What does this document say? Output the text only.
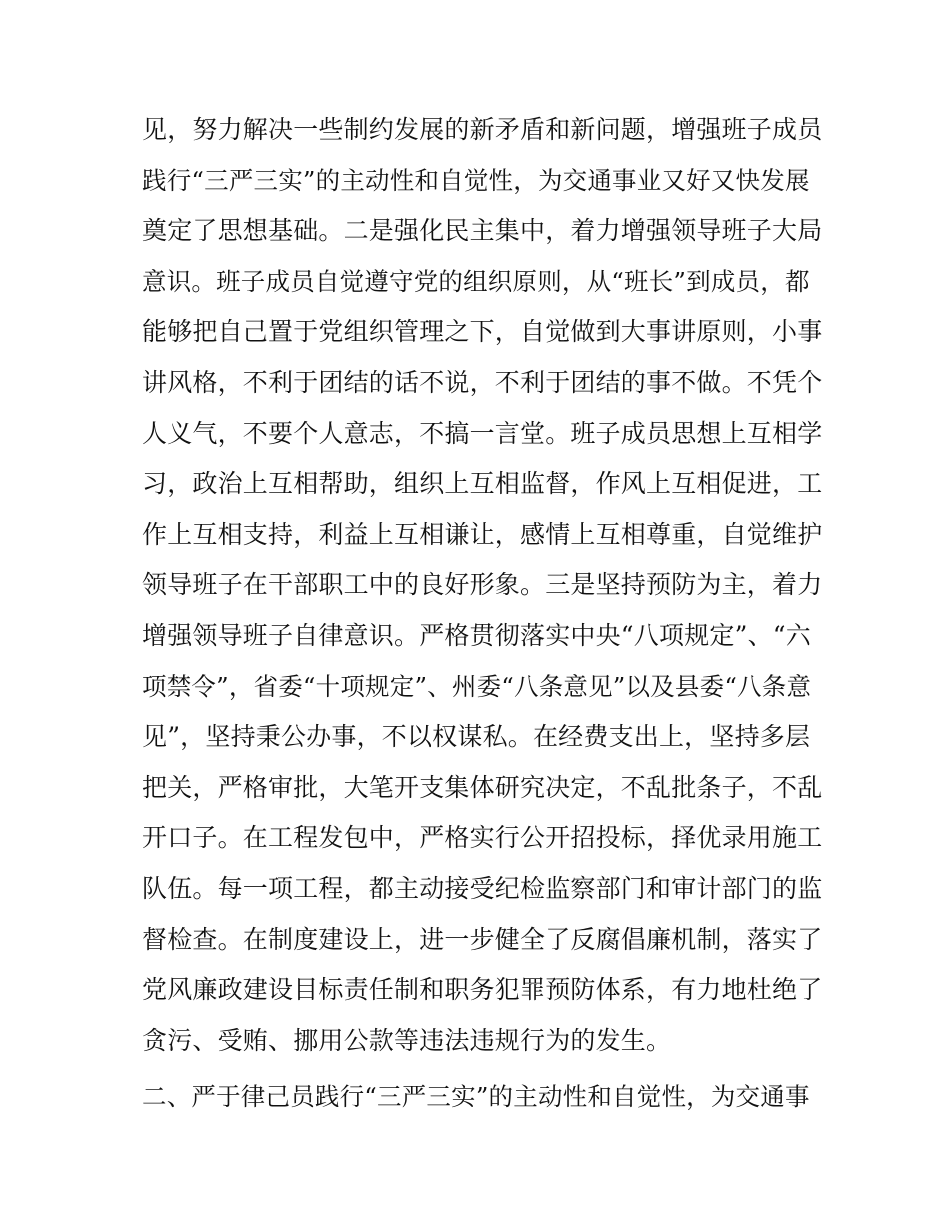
见，努力解决一些制约发展的新矛盾和新问题，增强班子成员
践行“三严三实”的主动性和自觉性，为交通事业又好又快发展
奠定了思想基础。二是强化民主集中，着力增强领导班子大局
意识。班子成员自觉遵守党的组织原则，从“班长”到成员，都
能够把自己置于党组织管理之下，自觉做到大事讲原则，小事
讲风格，不利于团结的话不说，不利于团结的事不做。不凭个
人义气，不要个人意志，不搞一言堂。班子成员思想上互相学
习，政治上互相帮助，组织上互相监督，作风上互相促进，工
作上互相支持，利益上互相谦让，感情上互相尊重，自觉维护
领导班子在干部职工中的良好形象。三是坚持预防为主，着力
增强领导班子自律意识。严格贯彻落实中央“八项规定”、“六
项禁令”，省委“十项规定”、州委“八条意见”以及县委“八条意
见”，坚持秉公办事，不以权谋私。在经费支出上，坚持多层
把关，严格审批，大笔开支集体研究决定，不乱批条子，不乱
开口子。在工程发包中，严格实行公开招投标，择优录用施工
队伍。每一项工程，都主动接受纪检监察部门和审计部门的监
督检查。在制度建设上，进一步健全了反腐倡廉机制，落实了
党风廉政建设目标责任制和职务犯罪预防体系，有力地杜绝了
贪污、受贿、挪用公款等违法违规行为的发生。
二、严于律己员践行“三严三实”的主动性和自觉性，为交通事
